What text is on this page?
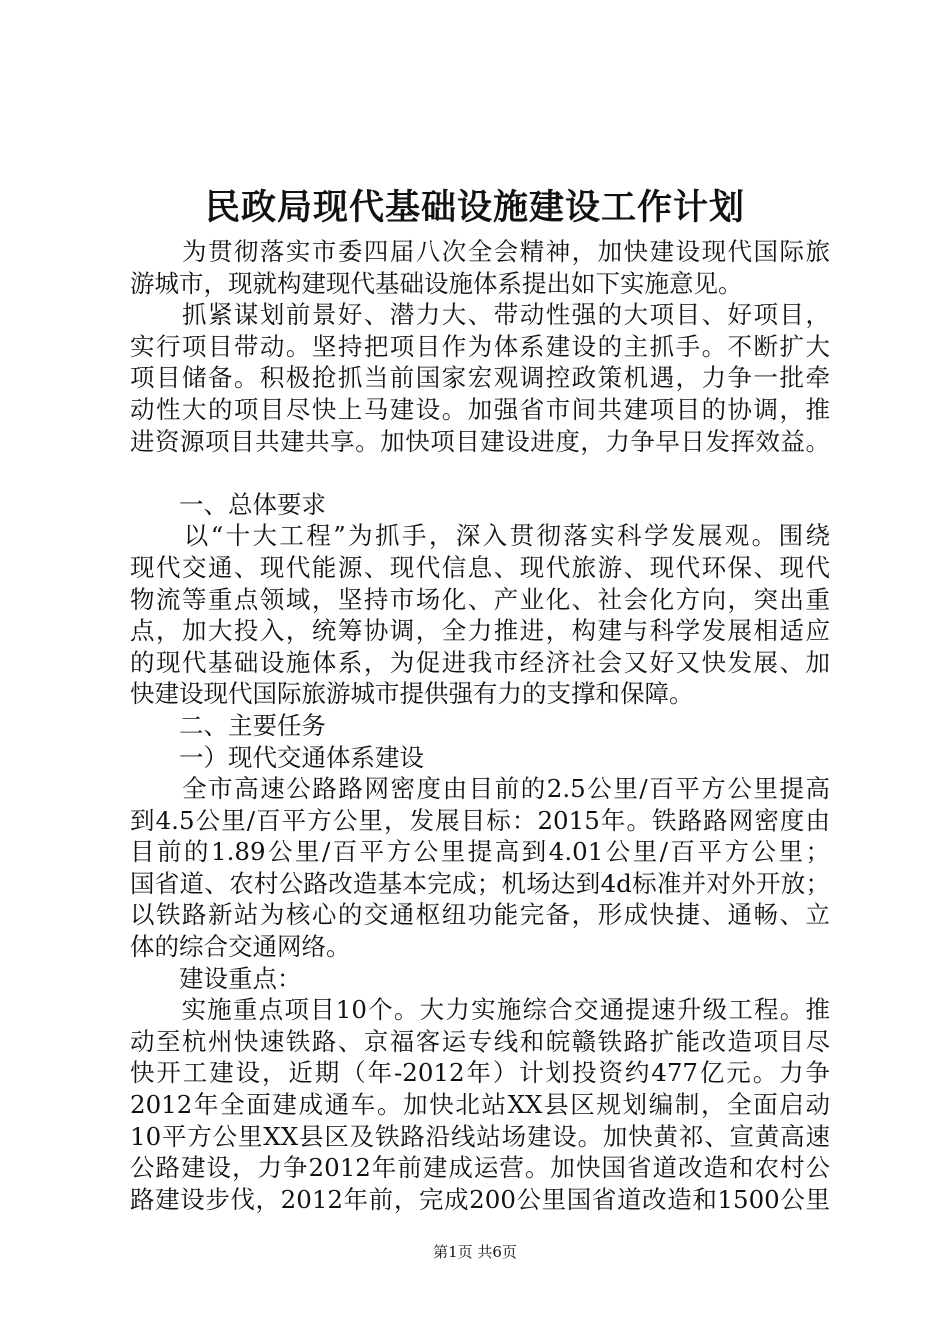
民政局现代基础设施建设工作计划
　　为贯彻落实市委四届八次全会精神，加快建设现代国际旅
游城市，现就构建现代基础设施体系提出如下实施意见。
　　抓紧谋划前景好、潜力大、带动性强的大项目、好项目，
实行项目带动。坚持把项目作为体系建设的主抓手。不断扩大
项目储备。积极抢抓当前国家宏观调控政策机遇，力争一批牵
动性大的项目尽快上马建设。加强省市间共建项目的协调，推
进资源项目共建共享。加快项目建设进度，力争早日发挥效益。
　　一、总体要求
　　以“十大工程”为抓手，深入贯彻落实科学发展观。围绕
现代交通、现代能源、现代信息、现代旅游、现代环保、现代
物流等重点领域，坚持市场化、产业化、社会化方向，突出重
点，加大投入，统筹协调，全力推进，构建与科学发展相适应
的现代基础设施体系，为促进我市经济社会又好又快发展、加
快建设现代国际旅游城市提供强有力的支撑和保障。
　　二、主要任务
　　一）现代交通体系建设
　　全市高速公路路网密度由目前的2.5公里/百平方公里提高
到4.5公里/百平方公里，发展目标：2015年。铁路路网密度由
目前的1.89公里/百平方公里提高到4.01公里/百平方公里；
国省道、农村公路改造基本完成；机场达到4d标准并对外开放；
以铁路新站为核心的交通枢纽功能完备，形成快捷、通畅、立
体的综合交通网络。
　　建设重点：
　　实施重点项目10个。大力实施综合交通提速升级工程。推
动至杭州快速铁路、京福客运专线和皖赣铁路扩能改造项目尽
快开工建设，近期（年-2012年）计划投资约477亿元。力争
2012年全面建成通车。加快北站XX县区规划编制，全面启动
10平方公里XX县区及铁路沿线站场建设。加快黄祁、宣黄高速
公路建设，力争2012年前建成运营。加快国省道改造和农村公
路建设步伐，2012年前，完成200公里国省道改造和1500公里
第1页 共6页
